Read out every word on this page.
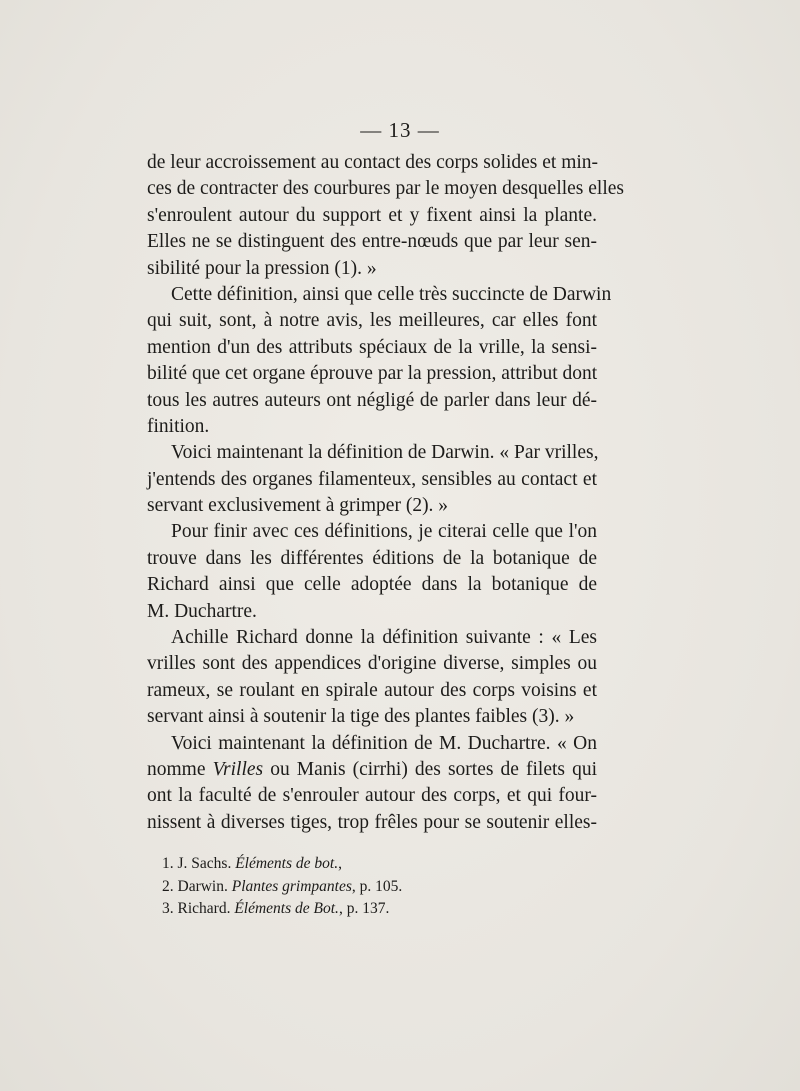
— 13 —
de leur accroissement au contact des corps solides et min-
ces de contracter des courbures par le moyen desquelles elles
s'enroulent autour du support et y fixent ainsi la plante.
Elles ne se distinguent des entre-nœuds que par leur sen-
sibilité pour la pression (1). »
Cette définition, ainsi que celle très succincte de Darwin
qui suit, sont, à notre avis, les meilleures, car elles font
mention d'un des attributs spéciaux de la vrille, la sensi-
bilité que cet organe éprouve par la pression, attribut dont
tous les autres auteurs ont négligé de parler dans leur dé-
finition.
Voici maintenant la définition de Darwin. « Par vrilles,
j'entends des organes filamenteux, sensibles au contact et
servant exclusivement à grimper (2). »
Pour finir avec ces définitions, je citerai celle que l'on
trouve dans les différentes éditions de la botanique de
Richard ainsi que celle adoptée dans la botanique de
M. Duchartre.
Achille Richard donne la définition suivante : « Les
vrilles sont des appendices d'origine diverse, simples ou
rameux, se roulant en spirale autour des corps voisins et
servant ainsi à soutenir la tige des plantes faibles (3). »
Voici maintenant la définition de M. Duchartre. « On
nomme Vrilles ou Manis (cirrhi) des sortes de filets qui
ont la faculté de s'enrouler autour des corps, et qui four-
nissent à diverses tiges, trop frêles pour se soutenir elles-
1. J. Sachs. Éléments de bot.,
2. Darwin. Plantes grimpantes, p. 105.
3. Richard. Éléments de Bot., p. 137.
